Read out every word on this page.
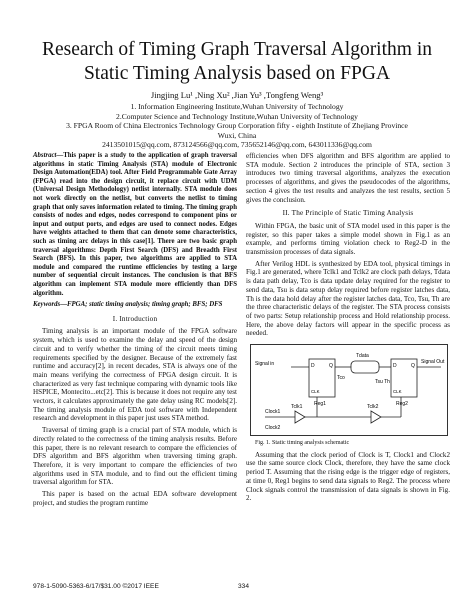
Research of Timing Graph Traversal Algorithm in
Static Timing Analysis based on FPGA
Jingjing Lu¹ ,Ning Xu² ,Jian Yu³ ,Tongfeng Weng³
1. Information Engineering Institute,Wuhan University of Technology
2.Computer Science and Technology Institute,Wuhan University of Technology
3. FPGA Room of China Electronics Technology Group Corporation fifty - eighth Institute of Zhejiang Province
Wuxi, China
2413501015@qq.com, 873124566@qq.com, 735652146@qq.com, 643011336@qq.com

Abstract—This paper is a study to the application of graph traversal algorithms in static Timing Analysis (STA) module of Electronic Design Automation(EDA) tool. After Field Programmable Gate Array (FPGA) read into the design circuit, it replace circuit with UDM (Universal Design Methodology) netlist internally. STA module does not work directly on the netlist, but converts the netlist to timing graph that only saves information related to timing. The timing graph consists of nodes and edges, nodes correspond to component pins or input and output ports, and edges are used to connect nodes. Edges have weights attached to them that can denote some characteristics, such as timing arc delays in this case[1]. There are two basic graph traversal algorithms: Depth First Search (DFS) and Breadth First Search (BFS). In this paper, two algorithms are applied to STA module and compared the runtime efficiencies by testing a large number of sequential circuit instances. The conclusion is that BFS algorithm can implement STA module more efficiently than DFS algorithm.

Keywords—FPGA; static timing analysis; timing graph; BFS; DFS

I. Introduction

Timing analysis is an important module of the FPGA software system, which is used to examine the delay and speed of the design circuit and to verify whether the timing of the circuit meets timing requirements specified by the designer. Because of the extremely fast runtime and accuracy[2], in recent decades, STA is always one of the main means verifying the correctness of FPGA design circuit. It is characterized as very fast technique comparing with dynamic tools like HSPICE, Montecito...etc[2]. This is because it does not require any test vectors, it calculates approximately the gate delay using RC models[2]. The timing analysis module of EDA tool software with Independent research and development in this paper just uses STA method.

Traversal of timing graph is a crucial part of STA module, which is directly related to the correctness of the timing analysis results. Before this paper, there is no relevant research to compare the efficiencies of DFS algorithm and BFS algorithm when traversing timing graph. Therefore, it is very important to compare the efficiencies of two algorithms used in STA module, and to find out the efficient timing traversal algorithm for STA.

This paper is based on the actual EDA software development project, and studies the program runtime

efficiencies when DFS algorithm and BFS algorithm are applied to STA module. Section 2 introduces the principle of STA, section 3 introduces two timing traversal algorithms, analyzes the execution processes of algorithms, and gives the pseudocodes of the algorithms, section 4 gives the test results and analyzes the test results, section 5 gives the conclusion.

II. The Principle of Static Timing Analysis

Within FPGA, the basic unit of STA model used in this paper is the register, so this paper takes a simple model shown in Fig.1 as an example, and performs timing violation check to Reg2-D in the transmission processes of data signals.

After Verilog HDL is synthesized by EDA tool, physical timings in Fig.1 are generated, where Tclk1 and Tclk2 are clock path delays, Tdata is data path delay, Tco is data update delay required for the register to send data, Tsu is data setup delay required before register latches data, Th is the data hold delay after the register latches data, Tco, Tsu, Th are the three characteristic delays of the register. The STA process consists of two parts: Setup relationship process and Hold relationship process. Here, the above delay factors will appear in the specific process as needed.

Signal in	Signal Out
Tdata
Tco
D	Q
CLK
Reg1
D	Q
CLK
Reg2
Tsu Th
Tclk1	Tclk2
Clock1
Clock2

Fig. 1. Static timing analysis schematic

Assuming that the clock period of Clock is T, Clock1 and Clock2 use the same source clock Clock, therefore, they have the same clock period T. Assuming that the rising edge is the trigger edge of registers, at time 0, Reg1 begins to send data signals to Reg2. The process where Clock signals control the transmission of data signals is shown in Fig. 2.

978-1-5090-5363-6/17/$31.00 ©2017 IEEE	334
